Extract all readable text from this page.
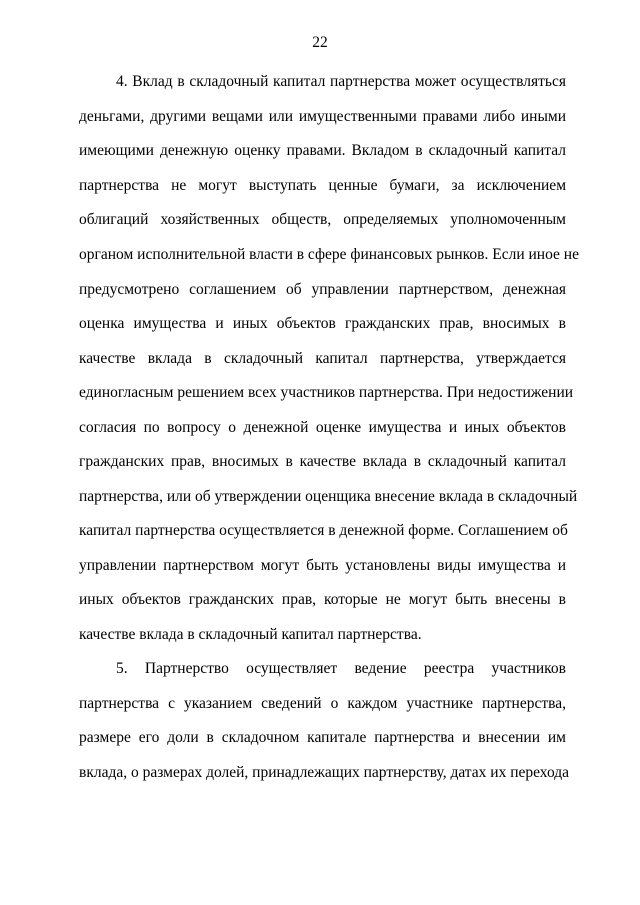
22
4. Вклад в складочный капитал партнерства может осуществляться
деньгами, другими вещами или имущественными правами либо иными
имеющими денежную оценку правами. Вкладом в складочный капитал
партнерства не могут выступать ценные бумаги, за исключением
облигаций хозяйственных обществ, определяемых уполномоченным
органом исполнительной власти в сфере финансовых рынков. Если иное не
предусмотрено соглашением об управлении партнерством, денежная
оценка имущества и иных объектов гражданских прав, вносимых в
качестве вклада в складочный капитал партнерства, утверждается
единогласным решением всех участников партнерства. При недостижении
согласия по вопросу о денежной оценке имущества и иных объектов
гражданских прав, вносимых в качестве вклада в складочный капитал
партнерства, или об утверждении оценщика внесение вклада в складочный
капитал партнерства осуществляется в денежной форме. Соглашением об
управлении партнерством могут быть установлены виды имущества и
иных объектов гражданских прав, которые не могут быть внесены в
качестве вклада в складочный капитал партнерства.
5. Партнерство осуществляет ведение реестра участников
партнерства с указанием сведений о каждом участнике партнерства,
размере его доли в складочном капитале партнерства и внесении им
вклада, о размерах долей, принадлежащих партнерству, датах их перехода
